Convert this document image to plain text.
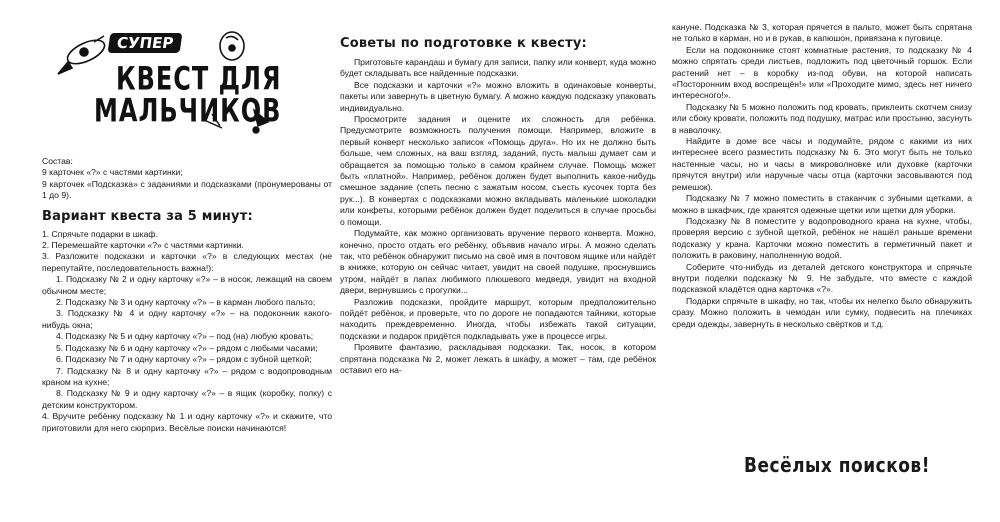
СУПЕР
КВЕСТ ДЛЯ
МАЛЬЧИКОВ
Состав:
9 карточек «?» с частями картинки;
9 карточек «Подсказка» с заданиями и подсказками (пронумерованы от 1 до 9).
Вариант квеста за 5 минут:
1. Спрячьте подарки в шкаф.
2. Перемешайте карточки «?» с частями картинки.
3. Разложите подсказки и карточки «?» в следующих местах (не перепутайте, последовательность важна!):
1. Подсказку № 2 и одну карточку «?» – в носок, лежащий на своем обычном месте;
2. Подсказку № 3 и одну карточку «?» – в карман любого пальто;
3. Подсказку № 4 и одну карточку «?» – на подоконник какого-нибудь окна;
4. Подсказку № 5 и одну карточку «?» – под (на) любую кровать;
5. Подсказку № 6 и одну карточку «?» – рядом с любыми часами;
6. Подсказку № 7 и одну карточку «?» – рядом с зубной щеткой;
7. Подсказку № 8 и одну карточку «?» – рядом с водопроводным краном на кухне;
8. Подсказку № 9 и одну карточку «?» – в ящик (коробку, полку) с детским конструктором.
4. Вручите ребёнку подсказку № 1 и одну карточку «?» и скажите, что приготовили для него сюрприз. Весёлые поиски начинаются!
Советы по подготовке к квесту:
Приготовьте карандаш и бумагу для записи, папку или конверт, куда можно будет складывать все найденные подсказки.
Все подсказки и карточки «?» можно вложить в одинаковые конверты, пакеты или завернуть в цветную бумагу. А можно каждую подсказку упаковать индивидуально.
Просмотрите задания и оцените их сложность для ребёнка. Предусмотрите возможность получения помощи. Например, вложите в первый конверт несколько записок «Помощь друга». Но их не должно быть больше, чем сложных, на ваш взгляд, заданий, пусть малыш думает сам и обращается за помощью только в самом крайнем случае. Помощь может быть «платной». Например, ребёнок должен будет выполнить какое-нибудь смешное задание (спеть песню с зажатым носом, съесть кусочек торта без рук...). В конвертах с подсказками можно вкладывать маленькие шоколадки или конфеты, которыми ребёнок должен будет поделиться в случае просьбы о помощи.
Подумайте, как можно организовать вручение первого конверта. Можно, конечно, просто отдать его ребёнку, объявив начало игры. А можно сделать так, что ребёнок обнаружит письмо на своё имя в почтовом ящике или найдёт в книжке, которую он сейчас читает, увидит на своей подушке, проснувшись утром, найдёт в лапах любимого плюшевого медведя, увидит на входной двери, вернувшись с прогулки...
Разложив подсказки, пройдите маршрут, которым предположительно пойдёт ребёнок, и проверьте, что по дороге не попадаются тайники, которые находить преждевременно. Иногда, чтобы избежать такой ситуации, подсказки и подарок придётся подкладывать уже в процессе игры.
Проявите фантазию, раскладывая подсказки. Так, носок, в котором спрятана подсказка № 2, может лежать в шкафу, а может – там, где ребёнок оставил его на-
кануне. Подсказка № 3, которая прячется в пальто, может быть спрятана не только в карман, но и в рукав, в капюшон, привязана к пуговице.
Если на подоконнике стоят комнатные растения, то подсказку № 4 можно спрятать среди листьев, подложить под цветочный горшок. Если растений нет – в коробку из-под обуви, на которой написать «Посторонним вход воспрещён!» или «Проходите мимо, здесь нет ничего интересного!».
Подсказку № 5 можно положить под кровать, приклеить скотчем снизу или сбоку кровати, положить под подушку, матрас или простыню, засунуть в наволочку.
Найдите в доме все часы и подумайте, рядом с какими из них интереснее всего разместить подсказку № 6. Это могут быть не только настенные часы, но и часы в микроволновке или духовке (карточки прячутся внутри) или наручные часы отца (карточки засовываются под ремешок).
Подсказку № 7 можно поместить в стаканчик с зубными щетками, а можно в шкафчик, где хранятся одежные щетки или щетки для уборки.
Подсказку № 8 поместите у водопроводного крана на кухне, чтобы, проверяя версию с зубной щеткой, ребёнок не нашёл раньше времени подсказку у крана. Карточки можно поместить в герметичный пакет и положить в раковину, наполненную водой.
Соберите что-нибудь из деталей детского конструктора и спрячьте внутри поделки подсказку № 9. Не забудьте, что вместе с каждой подсказкой кладётся одна карточка «?».
Подарки спрячьте в шкафу, но так, чтобы их нелегко было обнаружить сразу. Можно положить в чемодан или сумку, подвесить на плечиках среди одежды, завернуть в несколько свёртков и т.д.
Весёлых поисков!
